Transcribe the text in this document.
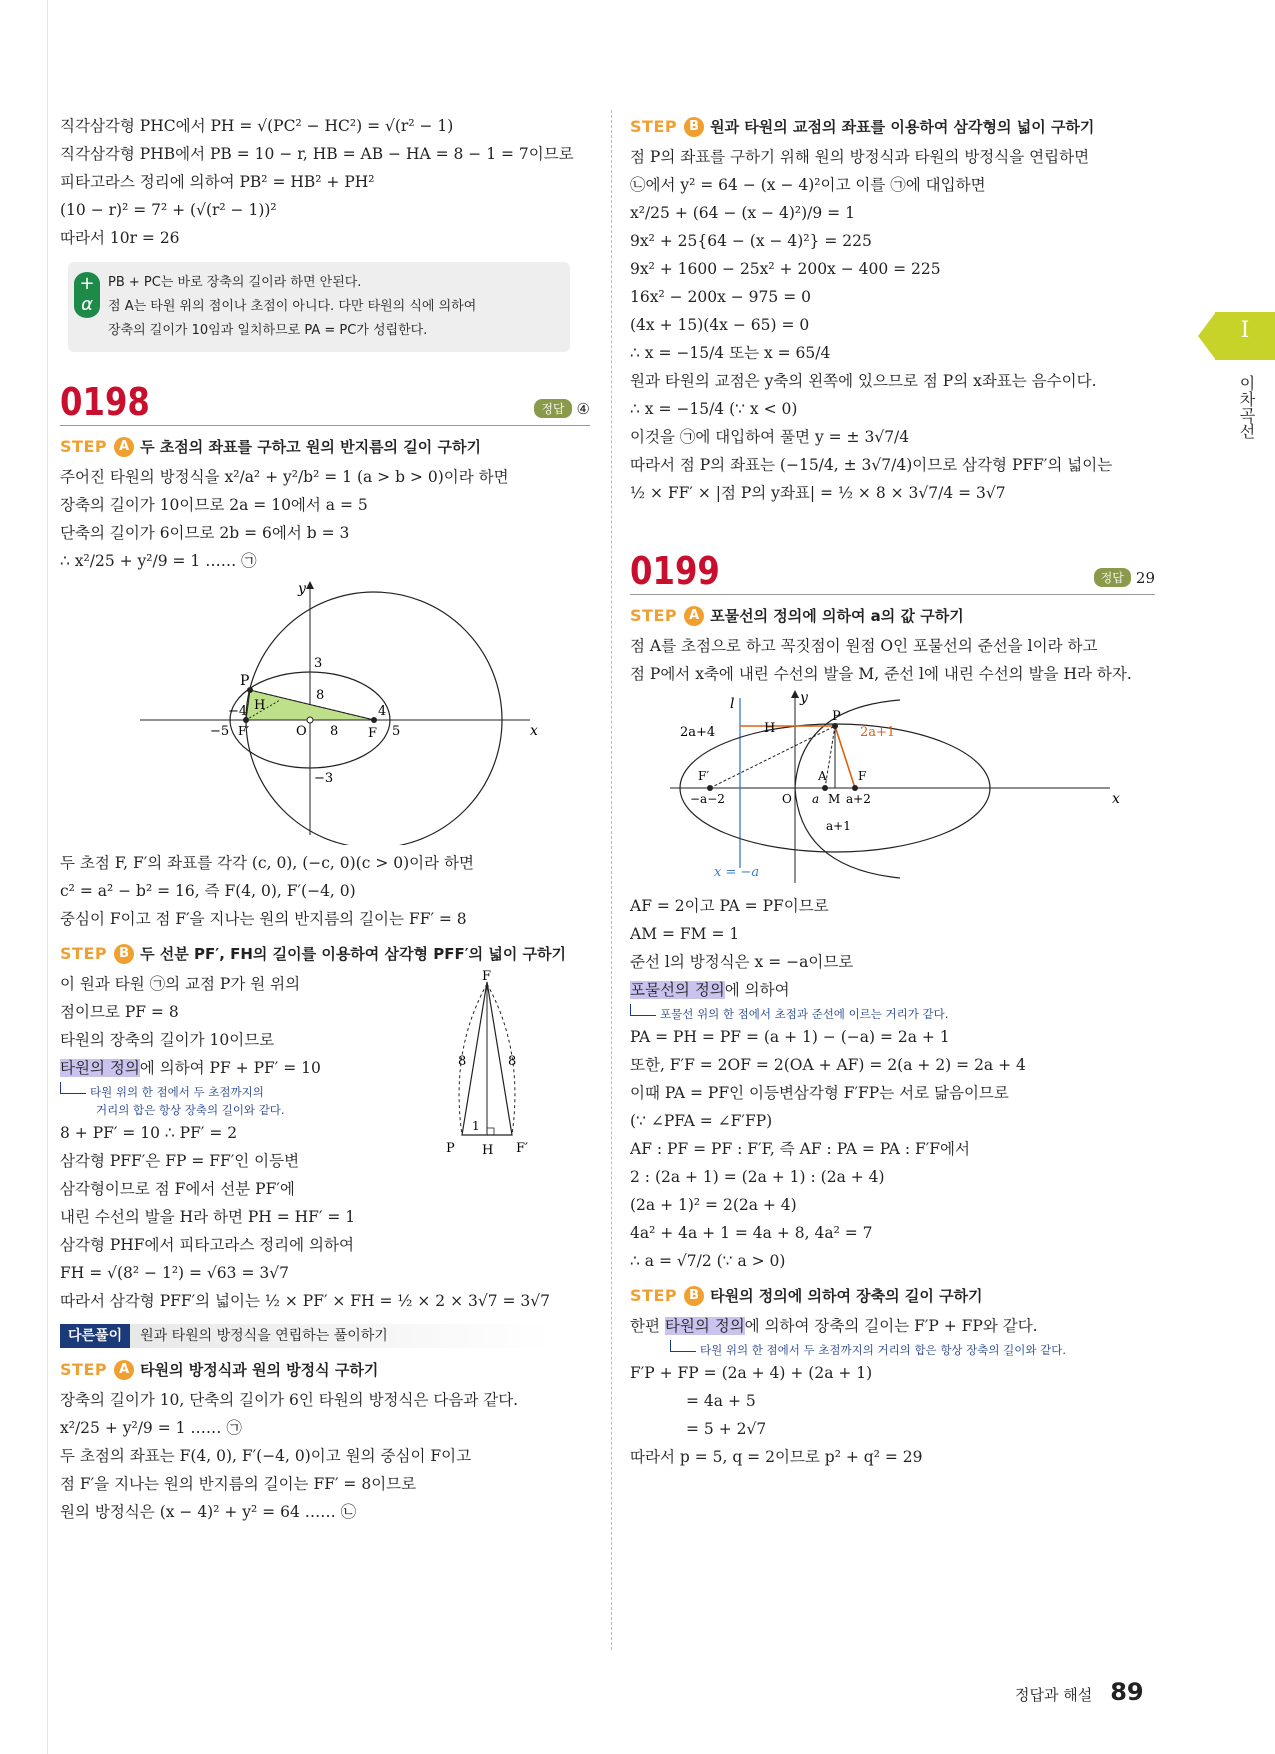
직각삼각형 PHC에서 PH = √(PC² − HC²) = √(r² − 1)
직각삼각형 PHB에서 PB = 10 − r, HB = AB − HA = 8 − 1 = 7이므로
피타고라스 정리에 의하여 PB² = HB² + PH²
(10 − r)² = 7² + (√(r² − 1))²
따라서 10r = 26
+
α
PB + PC는 바로 장축의 길이라 하면 안된다.
점 A는 타원 위의 점이나 초점이 아니다. 다만 타원의 식에 의하여
장축의 길이가 10임과 일치하므로 PA = PC가 성립한다.
0198	정답 ④
STEP A 두 초점의 좌표를 구하고 원의 반지름의 길이 구하기
주어진 타원의 방정식을 x²/a² + y²/b² = 1 (a > b > 0)이라 하면
장축의 길이가 10이므로 2a = 10에서 a = 5
단축의 길이가 6이므로 2b = 6에서 b = 3
∴ x²/25 + y²/9 = 1 …… ㉠
y
x
P
H
F′	F
O
3
−3
−4	4
−5	5
8
8
두 초점 F, F′의 좌표를 각각 (c, 0), (−c, 0)(c > 0)이라 하면
c² = a² − b² = 16, 즉 F(4, 0), F′(−4, 0)
중심이 F이고 점 F′을 지나는 원의 반지름의 길이는 FF′ = 8
STEP B 두 선분 PF′, FH의 길이를 이용하여 삼각형 PFF′의 넓이 구하기
이 원과 타원 ㉠의 교점 P가 원 위의
점이므로 PF = 8
타원의 장축의 길이가 10이므로
타원의 정의에 의하여 PF + PF′ = 10
타원 위의 한 점에서 두 초점까지의
거리의 합은 항상 장축의 길이와 같다.
8 + PF′ = 10 ∴ PF′ = 2
삼각형 PFF′은 FP = FF′인 이등변
삼각형이므로 점 F에서 선분 PF′에
내린 수선의 발을 H라 하면 PH = HF′ = 1
삼각형 PHF에서 피타고라스 정리에 의하여
FH = √(8² − 1²) = √63 = 3√7
따라서 삼각형 PFF′의 넓이는 ½ × PF′ × FH = ½ × 2 × 3√7 = 3√7
F
P H F′
8	8
1
다른풀이	원과 타원의 방정식을 연립하는 풀이하기
STEP A 타원의 방정식과 원의 방정식 구하기
장축의 길이가 10, 단축의 길이가 6인 타원의 방정식은 다음과 같다.
x²/25 + y²/9 = 1 …… ㉠
두 초점의 좌표는 F(4, 0), F′(−4, 0)이고 원의 중심이 F이고
점 F′을 지나는 원의 반지름의 길이는 FF′ = 8이므로
원의 방정식은 (x − 4)² + y² = 64 …… ㉡
STEP B 원과 타원의 교점의 좌표를 이용하여 삼각형의 넓이 구하기
점 P의 좌표를 구하기 위해 원의 방정식과 타원의 방정식을 연립하면
㉡에서 y² = 64 − (x − 4)²이고 이를 ㉠에 대입하면
x²/25 + (64 − (x − 4)²)/9 = 1
9x² + 25{64 − (x − 4)²} = 225
9x² + 1600 − 25x² + 200x − 400 = 225
16x² − 200x − 975 = 0
(4x + 15)(4x − 65) = 0
∴ x = −15/4 또는 x = 65/4
원과 타원의 교점은 y축의 왼쪽에 있으므로 점 P의 x좌표는 음수이다.
∴ x = −15/4 (∵ x < 0)
이것을 ㉠에 대입하여 풀면 y = ± 3√7/4
따라서 점 P의 좌표는 (−15/4, ± 3√7/4)이므로 삼각형 PFF′의 넓이는
½ × FF′ × |점 P의 y좌표| = ½ × 8 × 3√7/4 = 3√7
0199	정답 29
STEP A 포물선의 정의에 의하여 a의 값 구하기
점 A를 초점으로 하고 꼭짓점이 원점 O인 포물선의 준선을 l이라 하고
점 P에서 x축에 내린 수선의 발을 M, 준선 l에 내린 수선의 발을 H라 하자.
l	y
P
H
2a+4	2a+1
F′	A	F
O
−a−2	a M a+2
a+1
x
x = −a
AF = 2이고 PA = PF이므로
AM = FM = 1
준선 l의 방정식은 x = −a이므로
포물선의 정의에 의하여
포물선 위의 한 점에서 초점과 준선에 이르는 거리가 같다.
PA = PH = PF = (a + 1) − (−a) = 2a + 1
또한, F′F = 2OF = 2(OA + AF) = 2(a + 2) = 2a + 4
이때 PA = PF인 이등변삼각형 F′FP는 서로 닮음이므로
(∵ ∠PFA = ∠F′FP)
AF : PF = PF : F′F, 즉 AF : PA = PA : F′F에서
2 : (2a + 1) = (2a + 1) : (2a + 4)
(2a + 1)² = 2(2a + 4)
4a² + 4a + 1 = 4a + 8, 4a² = 7
∴ a = √7/2 (∵ a > 0)
STEP B 타원의 정의에 의하여 장축의 길이 구하기
한편 타원의 정의에 의하여 장축의 길이는 F′P + FP와 같다.
타원 위의 한 점에서 두 초점까지의 거리의 합은 항상 장축의 길이와 같다.
F′P + FP = (2a + 4) + (2a + 1)
= 4a + 5
= 5 + 2√7
따라서 p = 5, q = 2이므로 p² + q² = 29
I
이차곡선
정답과 해설 89
